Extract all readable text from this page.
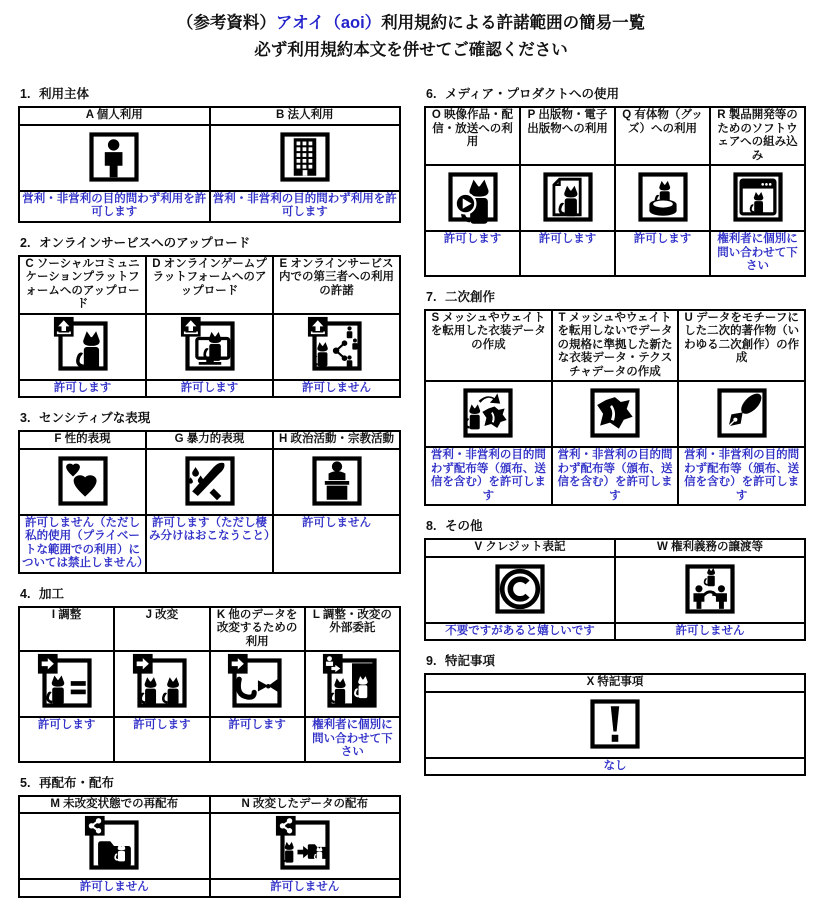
（参考資料）アオイ（aoi）利用規約による許諾範囲の簡易一覧
必ず利用規約本文を併せてご確認ください
1. 利用主体
A 個人利用	B 法人利用

営利・非営利の目的問わず利用を許可します	営利・非営利の目的問わず利用を許可します
2. オンラインサービスへのアップロード
C ソーシャルコミュニケーションプラットフォームへのアップロード	D オンラインゲームプラットフォームへのアップロード	E オンラインサービス内での第三者への利用の許諾

許可します	許可します	許可しません
3. センシティブな表現
F 性的表現	G 暴力的表現	H 政治活動・宗教活動

許可しません（ただし私的使用（プライベートな範囲での利用）については禁止しません）	許可します（ただし棲み分けはおこなうこと）	許可しません
4. 加工
I 調整	J 改変	K 他のデータを改変するための利用	L 調整・改変の外部委託

許可します	許可します	許可します	権利者に個別に問い合わせて下さい
5. 再配布・配布
M 未改変状態での再配布	N 改変したデータの配布

許可しません	許可しません
6. メディア・プロダクトへの使用
O 映像作品・配信・放送への利用	P 出版物・電子出版物への利用	Q 有体物（グッズ）への利用	R 製品開発等のためのソフトウェアへの組み込み

許可します	許可します	許可します	権利者に個別に問い合わせて下さい
7. 二次創作
S メッシュやウェイトを転用した衣装データの作成	T メッシュやウェイトを転用しないでデータの規格に準拠した新たな衣装データ・テクスチャデータの作成	U データをモチーフにした二次的著作物（いわゆる二次創作）の作成

営利・非営利の目的問わず配布等（頒布、送信を含む）を許可します	営利・非営利の目的問わず配布等（頒布、送信を含む）を許可します	営利・非営利の目的問わず配布等（頒布、送信を含む）を許可します
8. その他
V クレジット表記	W 権利義務の譲渡等

不要ですがあると嬉しいです	許可しません
9. 特記事項
X 特記事項

なし
